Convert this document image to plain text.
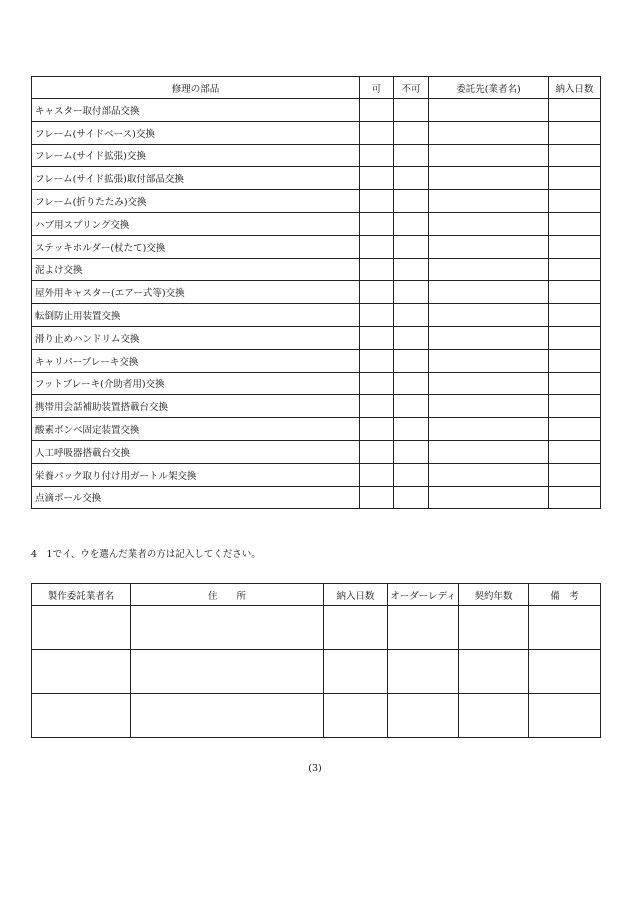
修理の部品	可	不可	委託先(業者名)	納入日数
キャスター取付部品交換				
フレーム(サイドベース)交換				
フレーム(サイド拡張)交換				
フレーム(サイド拡張)取付部品交換				
フレーム(折りたたみ)交換				
ハブ用スプリング交換				
ステッキホルダー(杖たて)交換				
泥よけ交換				
屋外用キャスター(エアー式等)交換				
転倒防止用装置交換				
滑り止めハンドリム交換				
キャリパーブレーキ交換				
フットブレーキ(介助者用)交換				
携帯用会話補助装置搭載台交換				
酸素ボンベ固定装置交換				
人工呼吸器搭載台交換				
栄養パック取り付け用ガートル架交換				
点滴ポール交換				
4　1でイ、ウを選んだ業者の方は記入してください。
製作委託業者名	住　　所	納入日数	オーダーレディ	契約年数	備　考

(3)
